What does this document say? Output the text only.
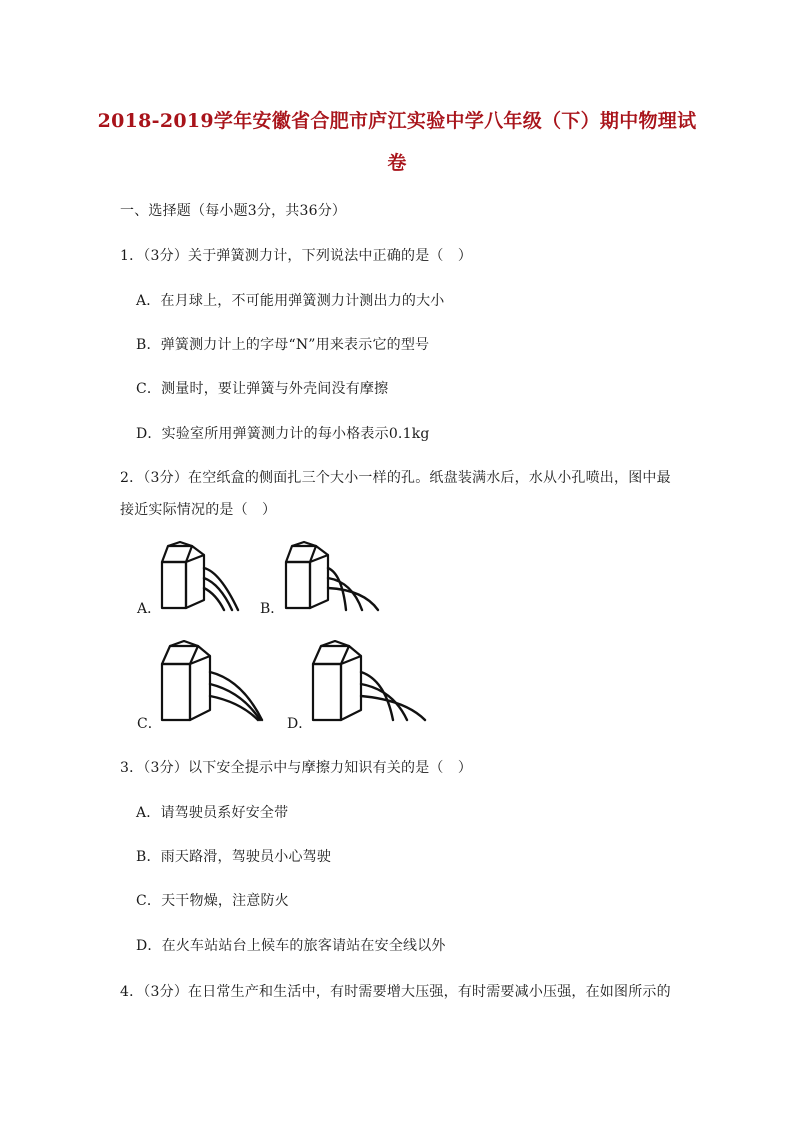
2018-2019学年安徽省合肥市庐江实验中学八年级（下）期中物理试
卷
一、选择题（每小题3分，共36分）
1．（3分）关于弹簧测力计，下列说法中正确的是（　）
A．在月球上，不可能用弹簧测力计测出力的大小
B．弹簧测力计上的字母“N”用来表示它的型号
C．测量时，要让弹簧与外壳间没有摩擦
D．实验室所用弹簧测力计的每小格表示0.1kg
2．（3分）在空纸盒的侧面扎三个大小一样的孔。纸盘装满水后，水从小孔喷出，图中最
接近实际情况的是（　）
A．	B．
C．	D．
3．（3分）以下安全提示中与摩擦力知识有关的是（　）
A．请驾驶员系好安全带
B．雨天路滑，驾驶员小心驾驶
C．天干物燥，注意防火
D．在火车站站台上候车的旅客请站在安全线以外
4．（3分）在日常生产和生活中，有时需要增大压强，有时需要减小压强，在如图所示的
